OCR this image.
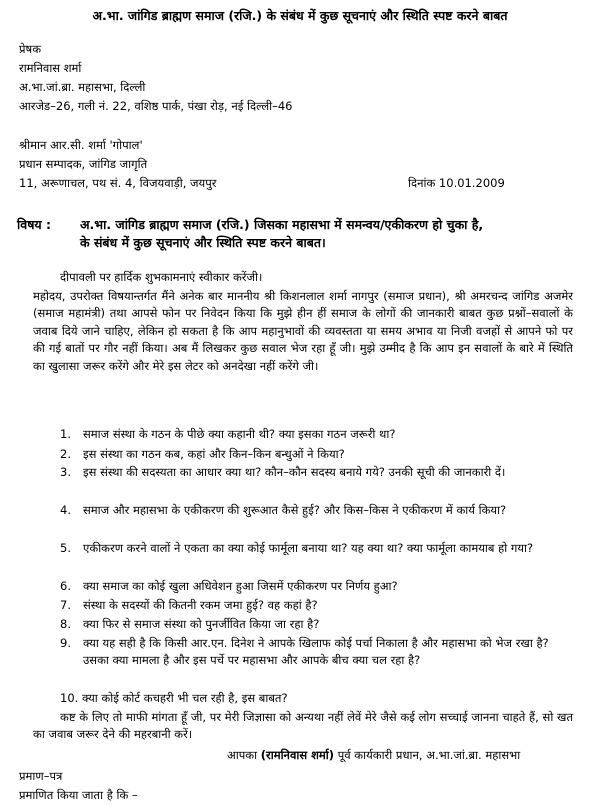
अ.भा. जांगिड ब्राह्मण समाज (रजि.) के संबंध में कुछ सूचनाएं और स्थिति स्पष्ट करने बाबत
प्रेषक
रामनिवास शर्मा
अ.भा.जां.ब्रा. महासभा, दिल्ली
आरजेड–26, गली नं. 22, वशिष्ठ पार्क, पंखा रोड़, नई दिल्ली–46
श्रीमान आर.सी. शर्मा 'गोपाल'
प्रधान सम्पादक, जांगिड जागृति
11, अरूणाचल, पथ सं. 4, विजयवाड़ी, जयपुर	दिनांक 10.01.2009
विषय : अ.भा. जांगिड ब्राह्मण समाज (रजि.) जिसका महासभा में समन्वय/एकीकरण हो चुका है,
के संबंध में कुछ सूचनाएं और स्थिति स्पष्ट करने बाबत।
दीपावली पर हार्दिक शुभकामनाएं स्वीकार करेंजी।
महोदय, उपरोक्त विषयान्तर्गत मैंने अनेक बार माननीय श्री किशनलाल शर्मा नागपुर (समाज प्रधान), श्री अमरचन्द जांगिड अजमेर (समाज महामंत्री) तथा आपसे फोन पर निवेदन किया कि मुझे हीन हीं समाज के लोगों की जानकारी बाबत कुछ प्रश्नों–सवालों के जवाब दिये जाने चाहिए, लेकिन हो सकता है कि आप महानुभावों की व्यवस्तता या समय अभाव या निजी वजहों से आपने फो पर की गई बातों पर गौर नहीं किया। अब मैं लिखकर कुछ सवाल भेज रहा हूँ जी। मुझे उम्मीद है कि आप इन सवालों के बारे में स्थिति का खुलासा जरूर करेंगे और मेरे इस लेटर को अनदेखा नहीं करेंगे जी।
1. समाज संस्था के गठन के पीछे क्या कहानी थी? क्या इसका गठन जरूरी था?
2. इस संस्था का गठन कब, कहां और किन–किन बन्धुओं ने किया?
3. इस संस्था की सदस्यता का आधार क्या था? कौन–कौन सदस्य बनाये गये? उनकी सूची की जानकारी दें।
4. समाज और महासभा के एकीकरण की शुरूआत कैसे हुई? और किस–किस ने एकीकरण में कार्य किया?
5. एकीकरण करने वालों ने एकता का क्या कोई फार्मूला बनाया था? यह क्या था? क्या फार्मूला कामयाब हो गया?
6. क्या समाज का कोई खुला अधिवेशन हुआ जिसमें एकीकरण पर निर्णय हुआ?
7. संस्था के सदस्यों की कितनी रकम जमा हुई? वह कहां है?
8. क्या फिर से समाज संस्था को पुनर्जीवित किया जा रहा है?
9. क्या यह सही है कि किसी आर.एन. दिनेश ने आपके खिलाफ कोई पर्चा निकाला है और महासभा को भेज रखा है? उसका क्या मामला है और इस पर्चे पर महासभा और आपके बीच क्या चल रहा है?
10. क्या कोई कोर्ट कचहरी भी चल रही है, इस बाबत?
कष्ट के लिए तो माफी मांगता हूँ जी, पर मेरी जिज्ञासा को अन्यथा नहीं लेवें मेरे जैसे कई लोग सच्चाई जानना चाहते हैं, सो खत का जवाब जरूर देने की महरबानी करें।
आपका (रामनिवास शर्मा) पूर्व कार्यकारी प्रधान, अ.भा.जां.ब्रा. महासभा
प्रमाण–पत्र
प्रमाणित किया जाता है कि –
